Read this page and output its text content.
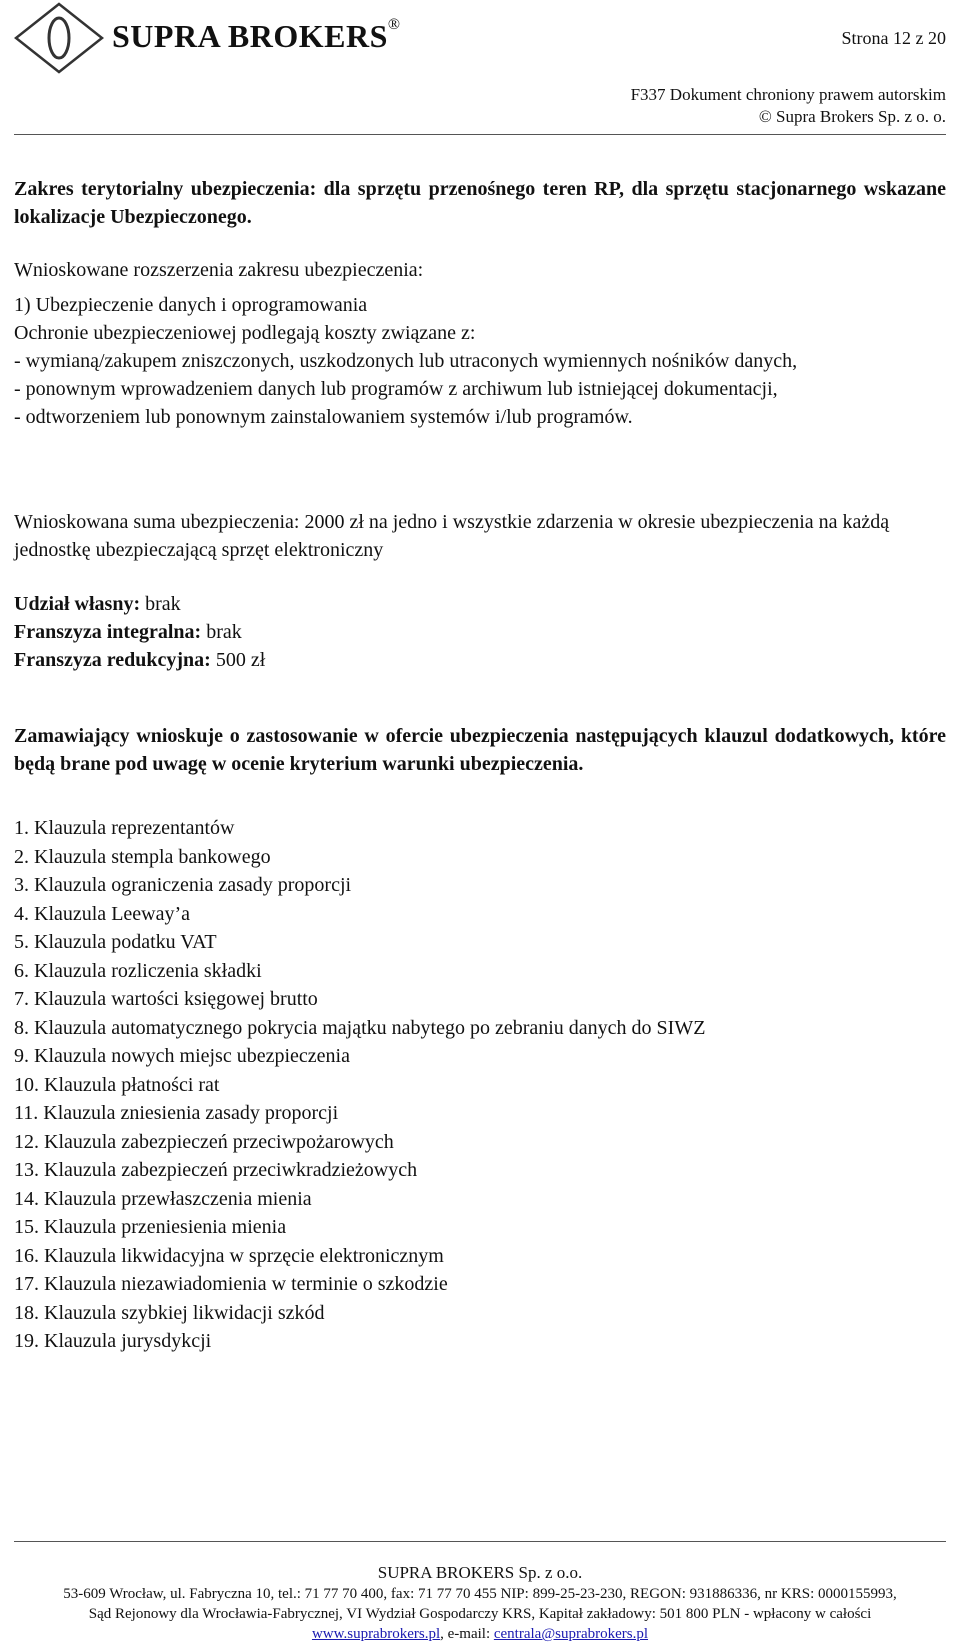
SUPRA BROKERS®
Strona 12 z 20
F337 Dokument chroniony prawem autorskim
© Supra Brokers Sp. z o. o.

Zakres terytorialny ubezpieczenia: dla sprzętu przenośnego teren RP, dla sprzętu stacjonarnego wskazane lokalizacje Ubezpieczonego.

Wnioskowane rozszerzenia zakresu ubezpieczenia:

1) Ubezpieczenie danych i oprogramowania

Ochronie ubezpieczeniowej podlegają koszty związane z:

- wymianą/zakupem zniszczonych, uszkodzonych lub utraconych wymiennych nośników danych,

- ponownym wprowadzeniem danych lub programów z archiwum lub istniejącej dokumentacji,

- odtworzeniem lub ponownym zainstalowaniem systemów i/lub programów.

Wnioskowana suma ubezpieczenia: 2000 zł na jedno i wszystkie zdarzenia w okresie ubezpieczenia na każdą jednostkę ubezpieczającą sprzęt elektroniczny

Udział własny: brak

Franszyza integralna: brak

Franszyza redukcyjna: 500 zł

Zamawiający wnioskuje o zastosowanie w ofercie ubezpieczenia następujących klauzul dodatkowych, które będą brane pod uwagę w ocenie kryterium warunki ubezpieczenia.

1. Klauzula reprezentantów

2. Klauzula stempla bankowego

3. Klauzula ograniczenia zasady proporcji

4. Klauzula Leeway’a

5. Klauzula podatku VAT

6. Klauzula rozliczenia składki

7. Klauzula wartości księgowej brutto

8. Klauzula automatycznego pokrycia majątku nabytego po zebraniu danych do SIWZ

9. Klauzula nowych miejsc ubezpieczenia

10. Klauzula płatności rat

11. Klauzula zniesienia zasady proporcji

12. Klauzula zabezpieczeń przeciwpożarowych

13. Klauzula zabezpieczeń przeciwkradzieżowych

14. Klauzula przewłaszczenia mienia

15. Klauzula przeniesienia mienia

16. Klauzula likwidacyjna w sprzęcie elektronicznym

17. Klauzula niezawiadomienia w terminie o szkodzie

18. Klauzula szybkiej likwidacji szkód

19. Klauzula jurysdykcji

SUPRA BROKERS Sp. z o.o.
53-609 Wrocław, ul. Fabryczna 10, tel.: 71 77 70 400, fax: 71 77 70 455 NIP: 899-25-23-230, REGON: 931886336, nr KRS: 0000155993,
Sąd Rejonowy dla Wrocławia-Fabrycznej, VI Wydział Gospodarczy KRS, Kapitał zakładowy: 501 800 PLN - wpłacony w całości
www.suprabrokers.pl, e-mail: centrala@suprabrokers.pl
